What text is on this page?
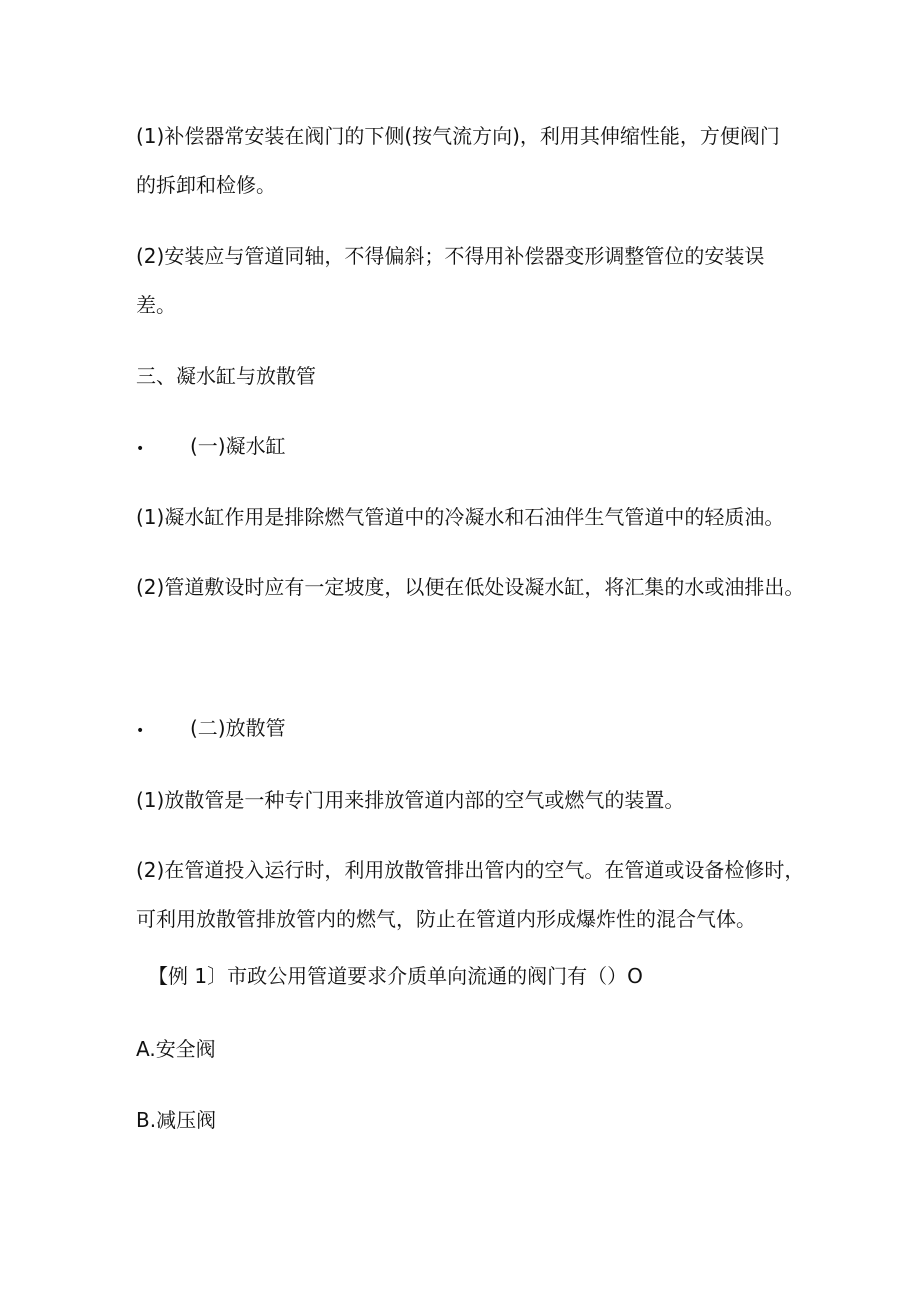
(1)补偿器常安装在阀门的下侧(按气流方向)，利用其伸缩性能，方便阀门
的拆卸和检修。
(2)安装应与管道同轴，不得偏斜；不得用补偿器变形调整管位的安装误
差。
三、凝水缸与放散管
• (一)凝水缸
(1)凝水缸作用是排除燃气管道中的冷凝水和石油伴生气管道中的轻质油。
(2)管道敷设时应有一定坡度，以便在低处设凝水缸，将汇集的水或油排出。
• (二)放散管
(1)放散管是一种专门用来排放管道内部的空气或燃气的装置。
(2)在管道投入运行时，利用放散管排出管内的空气。在管道或设备检修时，
可利用放散管排放管内的燃气，防止在管道内形成爆炸性的混合气体。
【例 1〕市政公用管道要求介质单向流通的阀门有（）O
A.安全阀
B.减压阀
